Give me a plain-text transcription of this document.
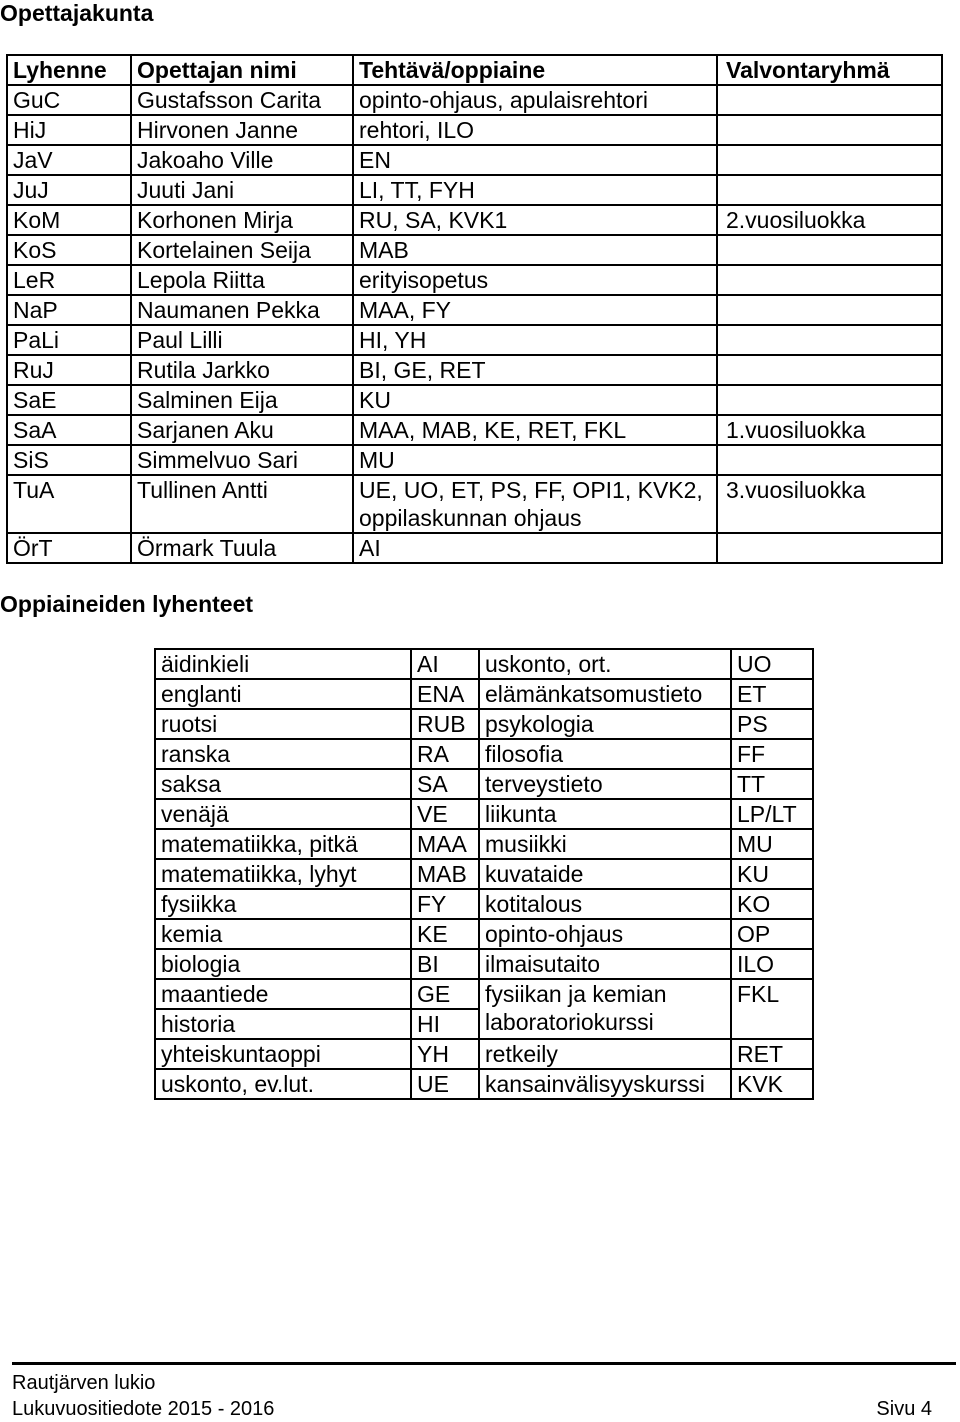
Opettajakunta
Lyhenne	Opettajan nimi	Tehtävä/oppiaine	Valvontaryhmä
GuC	Gustafsson Carita	opinto-ohjaus, apulaisrehtori	
HiJ	Hirvonen Janne	rehtori, ILO	
JaV	Jakoaho Ville	EN	
JuJ	Juuti Jani	LI, TT, FYH	
KoM	Korhonen Mirja	RU, SA, KVK1	2.vuosiluokka
KoS	Kortelainen Seija	MAB	
LeR	Lepola Riitta	erityisopetus	
NaP	Naumanen Pekka	MAA, FY	
PaLi	Paul Lilli	HI, YH	
RuJ	Rutila Jarkko	BI, GE, RET	
SaE	Salminen Eija	KU	
SaA	Sarjanen Aku	MAA, MAB, KE, RET, FKL	1.vuosiluokka
SiS	Simmelvuo Sari	MU	
TuA	Tullinen Antti	UE, UO, ET, PS, FF, OPI1, KVK2, oppilaskunnan ohjaus	3.vuosiluokka
ÖrT	Örmark Tuula	AI	
Oppiaineiden lyhenteet
äidinkieli	AI	uskonto, ort.	UO
englanti	ENA	elämänkatsomustieto	ET
ruotsi	RUB	psykologia	PS
ranska	RA	filosofia	FF
saksa	SA	terveystieto	TT
venäjä	VE	liikunta	LP/LT
matematiikka, pitkä	MAA	musiikki	MU
matematiikka, lyhyt	MAB	kuvataide	KU
fysiikka	FY	kotitalous	KO
kemia	KE	opinto-ohjaus	OP
biologia	BI	ilmaisutaito	ILO
maantiede	GE	fysiikan ja kemian laboratoriokurssi	FKL
historia	HI		
yhteiskuntaoppi	YH	retkeily	RET
uskonto, ev.lut.	UE	kansainvälisyyskurssi	KVK
Rautjärven lukio
Lukuvuositiedote 2015 - 2016	Sivu 4
